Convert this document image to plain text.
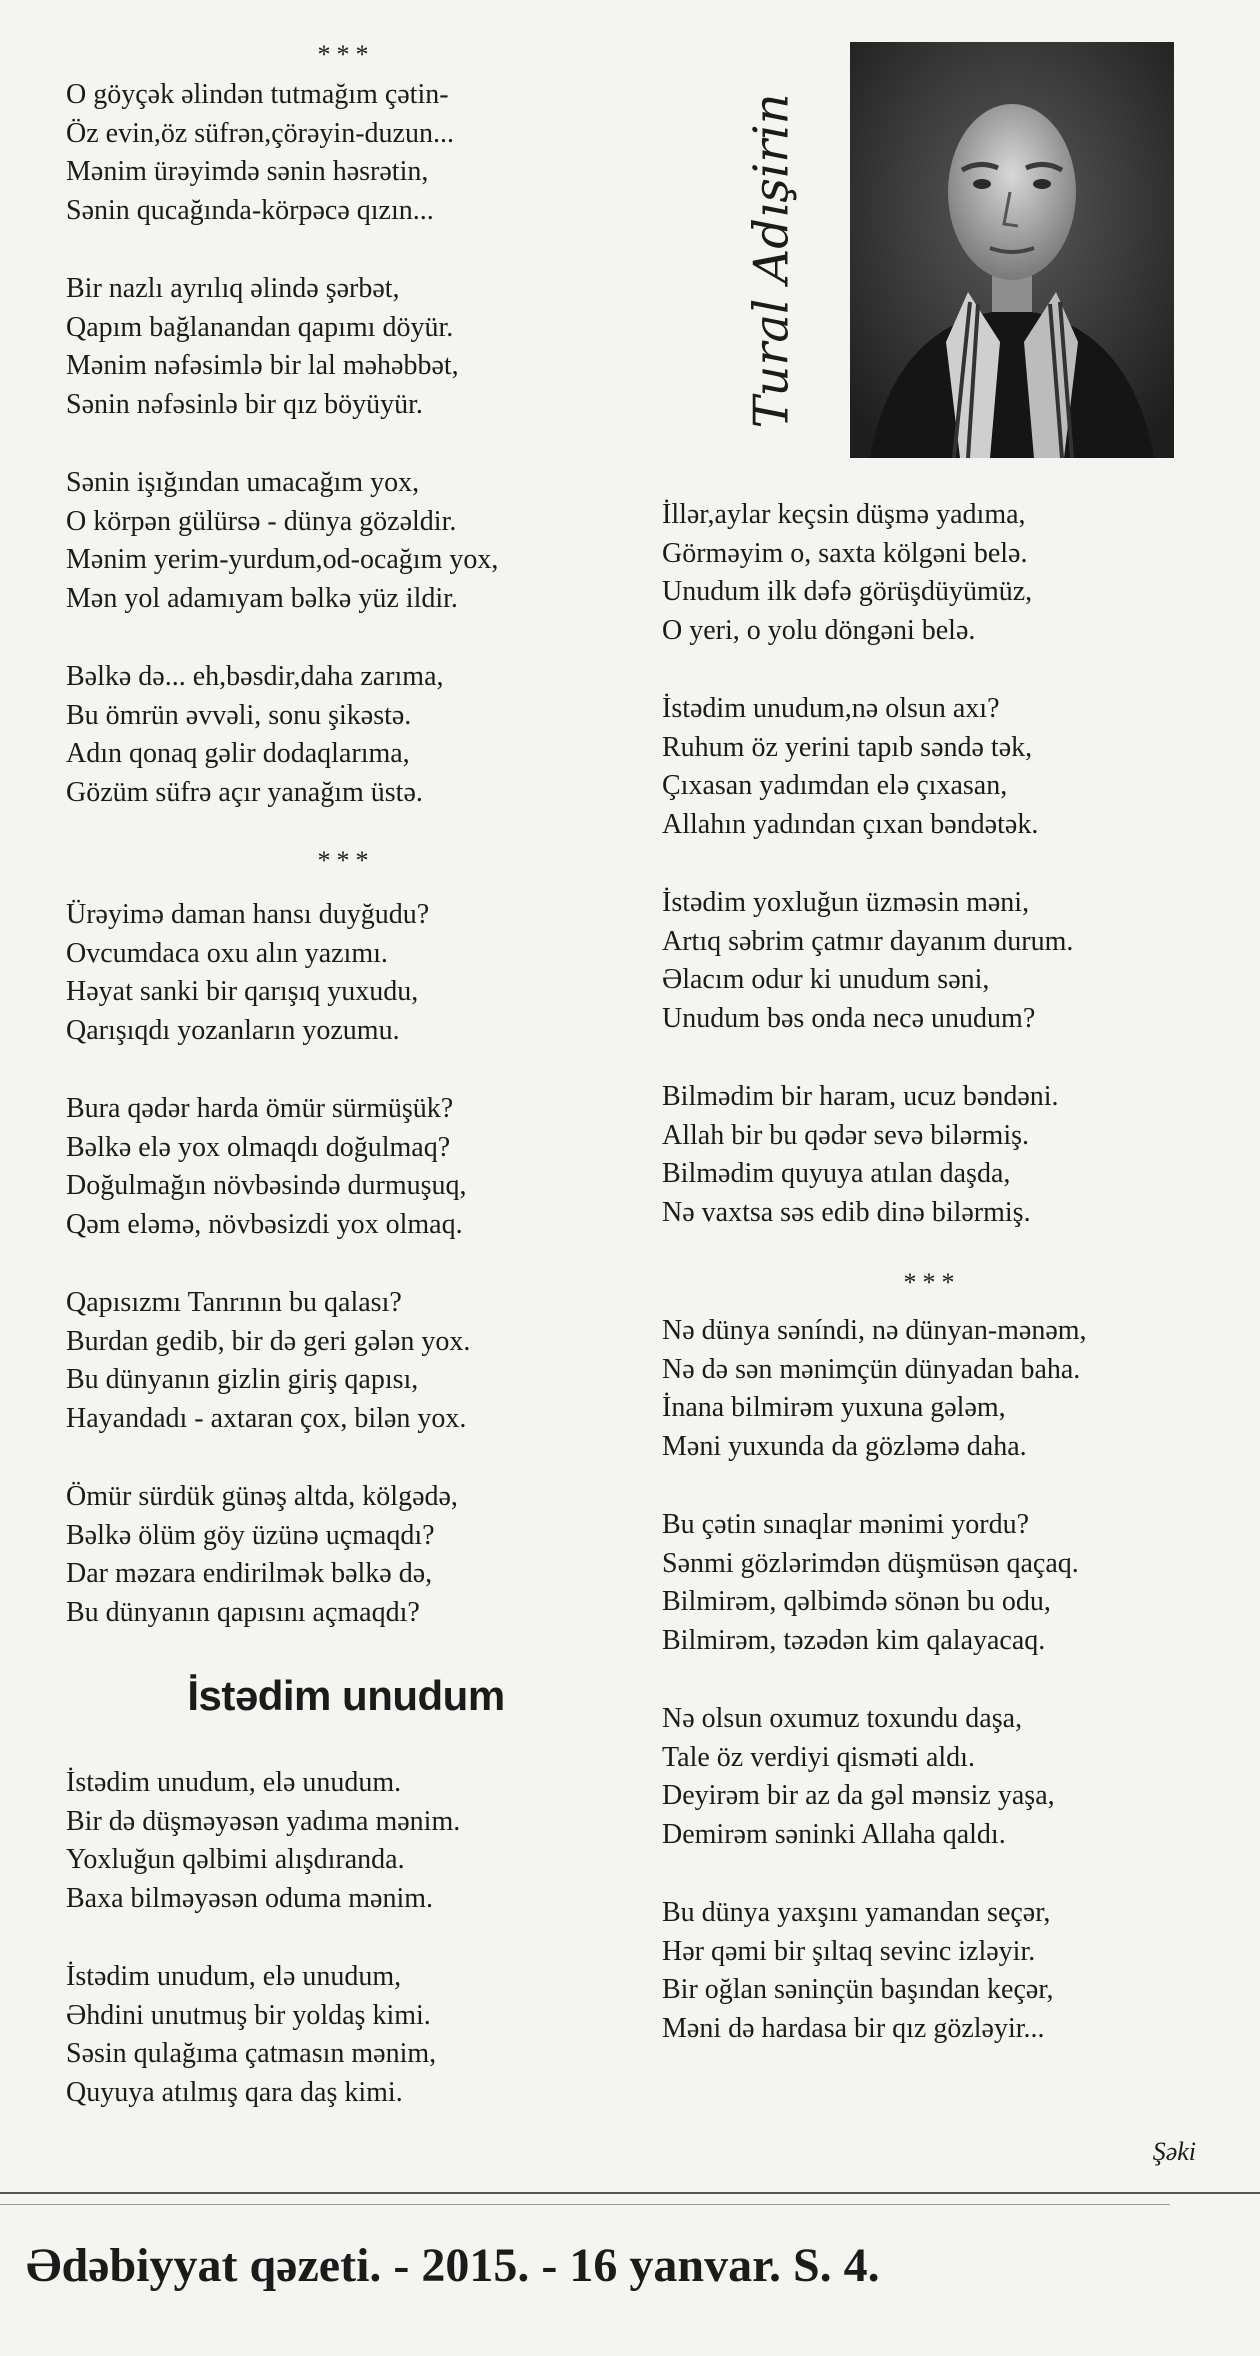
***
O göyçək əlindən tutmağım çətin-
Öz evin,öz süfrən,çörəyin-duzun...
Mənim ürəyimdə sənin həsrətin,
Sənin qucağında-körpəcə qızın...
Bir nazlı ayrılıq əlində şərbət,
Qapım bağlanandan qapımı döyür.
Mənim nəfəsimlə bir lal məhəbbət,
Sənin nəfəsinlə bir qız böyüyür.
Sənin işığından umacağım yox,
O körpən gülürsə - dünya gözəldir.
Mənim yerim-yurdum,od-ocağım yox,
Mən yol adamıyam bəlkə yüz ildir.
Bəlkə də... eh,bəsdir,daha zarıma,
Bu ömrün əvvəli, sonu şikəstə.
Adın qonaq gəlir dodaqlarıma,
Gözüm süfrə açır yanağım üstə.
***
Ürəyimə daman hansı duyğudu?
Ovcumdaca oxu alın yazımı.
Həyat sanki bir qarışıq yuxudu,
Qarışıqdı yozanların yozumu.
Bura qədər harda ömür sürmüşük?
Bəlkə elə yox olmaqdı doğulmaq?
Doğulmağın növbəsində durmuşuq,
Qəm eləmə, növbəsizdi yox olmaq.
Qapısızmı Tanrının bu qalası?
Burdan gedib, bir də geri gələn yox.
Bu dünyanın gizlin giriş qapısı,
Hayandadı - axtaran çox, bilən yox.
Ömür sürdük günəş altda, kölgədə,
Bəlkə ölüm göy üzünə uçmaqdı?
Dar məzara endirilmək bəlkə də,
Bu dünyanın qapısını açmaqdı?
İstədim unudum
İstədim unudum, elə unudum.
Bir də düşməyəsən yadıma mənim.
Yoxluğun qəlbimi alışdıranda.
Baxa bilməyəsən oduma mənim.
İstədim unudum, elə unudum,
Əhdini unutmuş bir yoldaş kimi.
Səsin qulağıma çatmasın mənim,
Quyuya atılmış qara daş kimi.
Tural Adışirin
İllər,aylar keçsin düşmə yadıma,
Görməyim o, saxta kölgəni belə.
Unudum ilk dəfə görüşdüyümüz,
O yeri, o yolu döngəni belə.
İstədim unudum,nə olsun axı?
Ruhum öz yerini tapıb səndə tək,
Çıxasan yadımdan elə çıxasan,
Allahın yadından çıxan bəndətək.
İstədim yoxluğun üzməsin məni,
Artıq səbrim çatmır dayanım durum.
Əlacım odur ki unudum səni,
Unudum bəs onda necə unudum?
Bilmədim bir haram, ucuz bəndəni.
Allah bir bu qədər sevə bilərmiş.
Bilmədim quyuya atılan daşda,
Nə vaxtsa səs edib dinə bilərmiş.
***
Nə dünya səníndi, nə dünyan-mənəm,
Nə də sən mənimçün dünyadan baha.
İnana bilmirəm yuxuna gələm,
Məni yuxunda da gözləmə daha.
Bu çətin sınaqlar mənimi yordu?
Sənmi gözlərimdən düşmüsən qaçaq.
Bilmirəm, qəlbimdə sönən bu odu,
Bilmirəm, təzədən kim qalayacaq.
Nə olsun oxumuz toxundu daşa,
Tale öz verdiyi qisməti aldı.
Deyirəm bir az da gəl mənsiz yaşa,
Demirəm səninki Allaha qaldı.
Bu dünya yaxşını yamandan seçər,
Hər qəmi bir şıltaq sevinc izləyir.
Bir oğlan səninçün başından keçər,
Məni də hardasa bir qız gözləyir...
Şəki
Ədəbiyyat qəzeti. - 2015. - 16 yanvar. S. 4.
